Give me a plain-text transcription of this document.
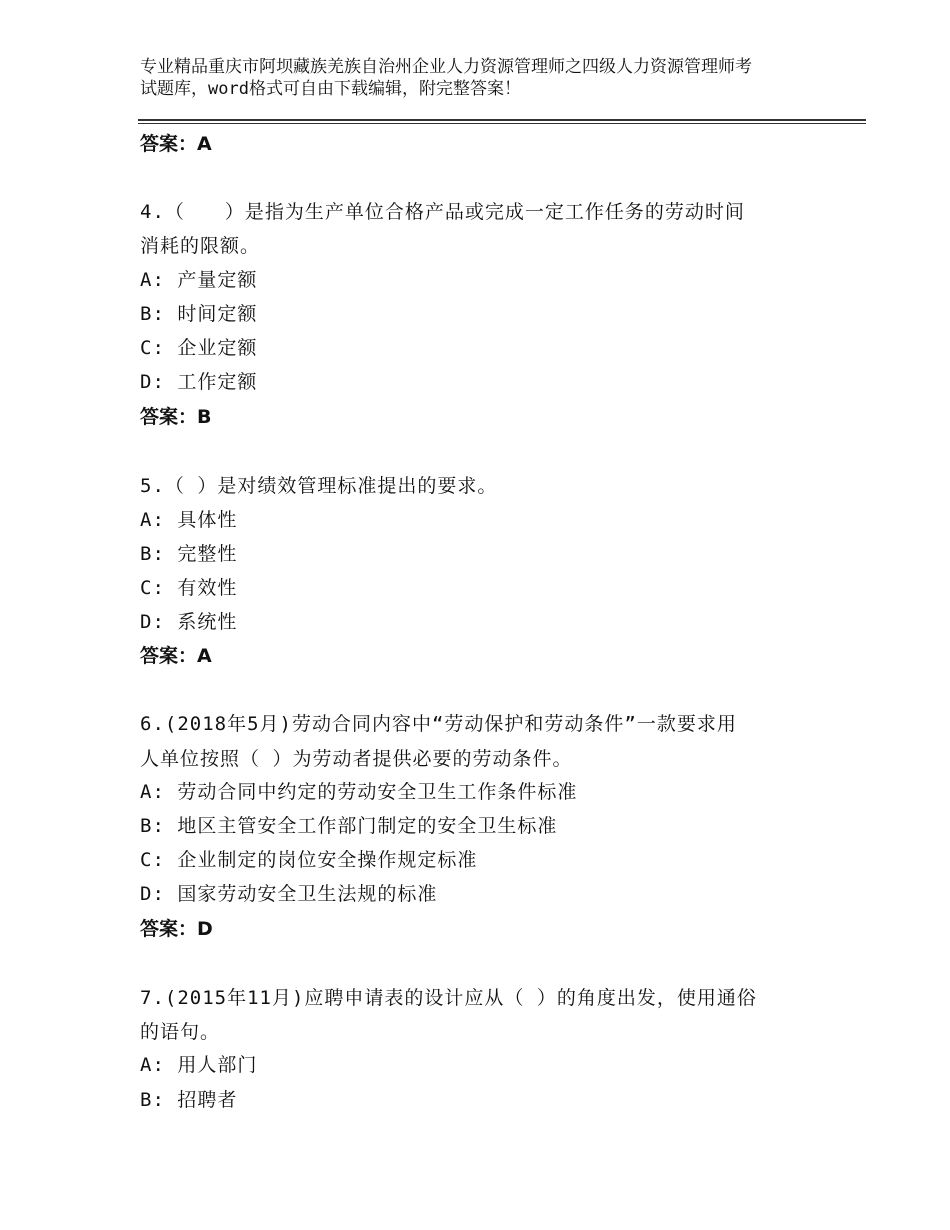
专业精品重庆市阿坝藏族羌族自治州企业人力资源管理师之四级人力资源管理师考
试题库，word格式可自由下载编辑，附完整答案！
答案：A
4.（　　）是指为生产单位合格产品或完成一定工作任务的劳动时间
消耗的限额。
A: 产量定额
B: 时间定额
C: 企业定额
D: 工作定额
答案：B
5.（ ）是对绩效管理标准提出的要求。
A: 具体性
B: 完整性
C: 有效性
D: 系统性
答案：A
6.(2018年5月)劳动合同内容中“劳动保护和劳动条件”一款要求用
人单位按照（ ）为劳动者提供必要的劳动条件。
A: 劳动合同中约定的劳动安全卫生工作条件标准
B: 地区主管安全工作部门制定的安全卫生标准
C: 企业制定的岗位安全操作规定标准
D: 国家劳动安全卫生法规的标准
答案：D
7.(2015年11月)应聘申请表的设计应从（ ）的角度出发，使用通俗
的语句。
A: 用人部门
B: 招聘者
